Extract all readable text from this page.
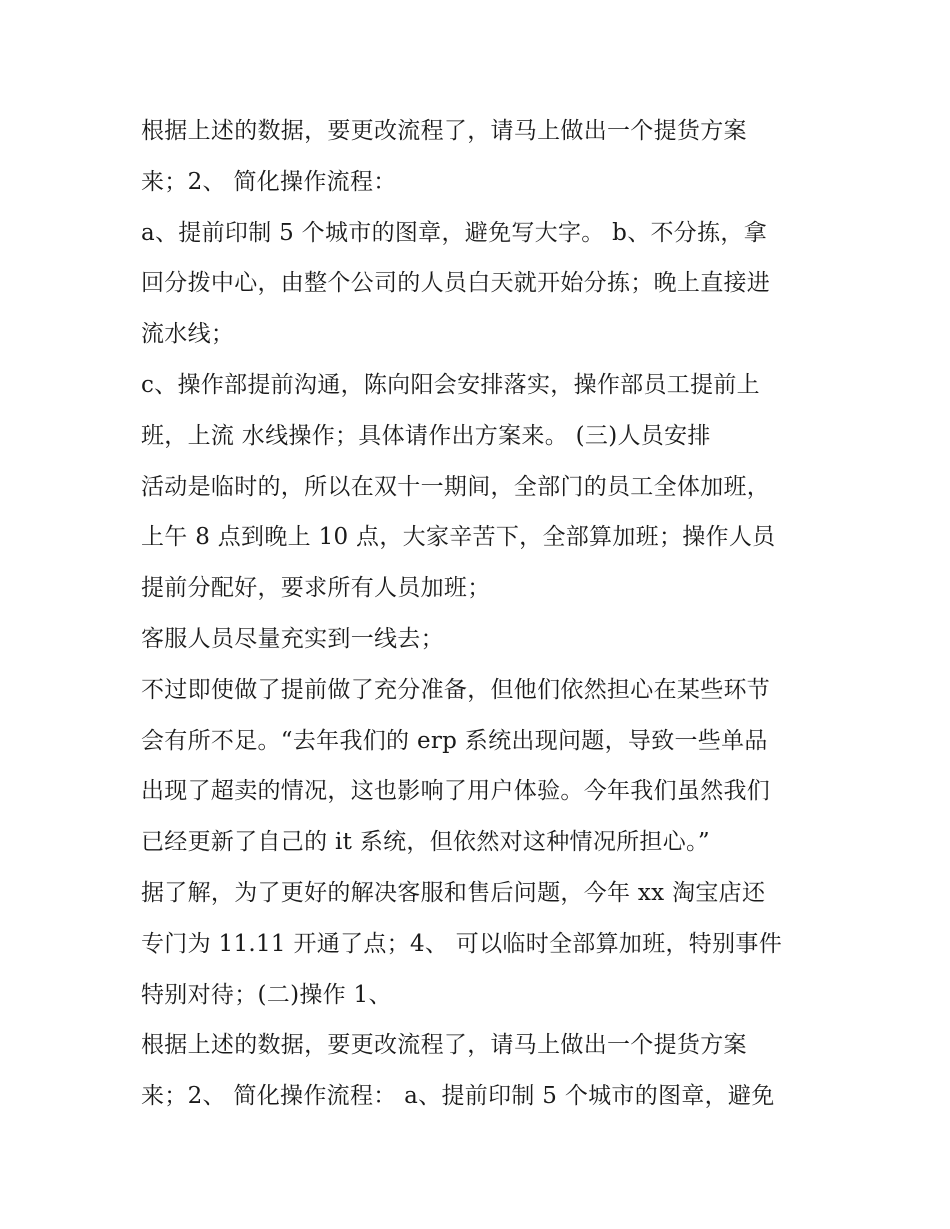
根据上述的数据，要更改流程了，请马上做出一个提货方案
来；2、 简化操作流程：
a、提前印制 5 个城市的图章，避免写大字。 b、不分拣，拿
回分拨中心，由整个公司的人员白天就开始分拣；晚上直接进
流水线；
c、操作部提前沟通，陈向阳会安排落实，操作部员工提前上
班，上流 水线操作；具体请作出方案来。 (三)人员安排
活动是临时的，所以在双十一期间，全部门的员工全体加班，
上午 8 点到晚上 10 点，大家辛苦下，全部算加班；操作人员
提前分配好，要求所有人员加班；
客服人员尽量充实到一线去；
不过即使做了提前做了充分准备，但他们依然担心在某些环节
会有所不足。“去年我们的 erp 系统出现问题，导致一些单品
出现了超卖的情况，这也影响了用户体验。今年我们虽然我们
已经更新了自己的 it 系统，但依然对这种情况所担心。”
据了解，为了更好的解决客服和售后问题，今年 xx 淘宝店还
专门为 11.11 开通了点；4、 可以临时全部算加班，特别事件
特别对待；(二)操作 1、
根据上述的数据，要更改流程了，请马上做出一个提货方案
来；2、 简化操作流程： a、提前印制 5 个城市的图章，避免
